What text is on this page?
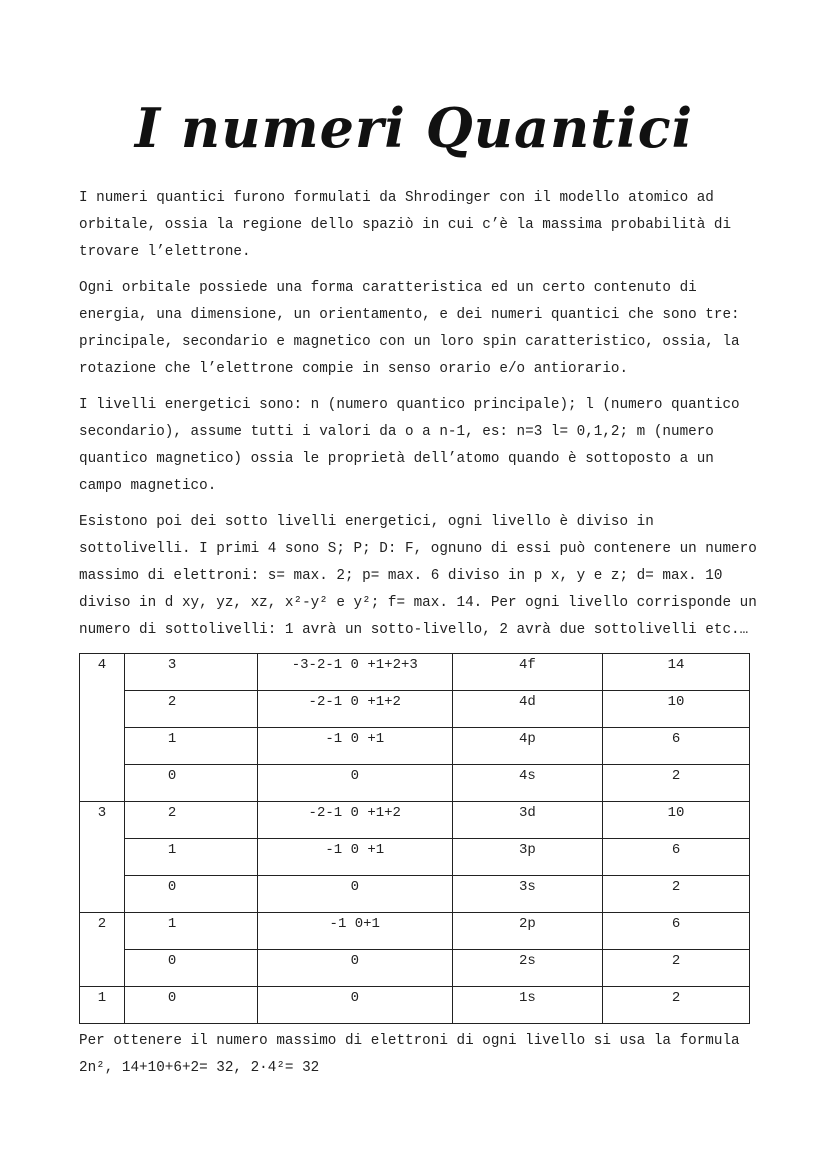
I numeri Quantici

I numeri quantici furono formulati da Shrodinger con il modello atomico ad orbitale, ossia la regione dello spaziò in cui c’è la massima probabilità di trovare l’elettrone.

Ogni orbitale possiede una forma caratteristica ed un certo contenuto di energia, una dimensione, un orientamento, e dei numeri quantici che sono tre: principale, secondario e magnetico con un loro spin caratteristico, ossia, la rotazione che l’elettrone compie in senso orario e/o antiorario.

I livelli energetici sono: n (numero quantico principale); l (numero quantico secondario), assume tutti i valori da o a n-1, es: n=3 l= 0,1,2; m (numero quantico magnetico) ossia le proprietà dell’atomo quando è sottoposto a un campo magnetico.

Esistono poi dei sotto livelli energetici, ogni livello è diviso in sottolivelli. I primi 4 sono S; P; D: F, ognuno di essi può contenere un numero massimo di elettroni: s= max. 2; p= max. 6 diviso in p x, y e z; d= max. 10 diviso in d xy, yz, xz, x²-y² e y²; f= max. 14. Per ogni livello corrisponde un numero di sottolivelli: 1 avrà un sotto-livello, 2 avrà due sottolivelli etc.…

4	3	-3-2-1 0 +1+2+3	4f	14
	2	-2-1 0 +1+2	4d	10
	1	-1 0 +1	4p	6
	0	0	4s	2
3	2	-2-1 0 +1+2	3d	10
	1	-1 0 +1	3p	6
	0	0	3s	2
2	1	-1 0+1	2p	6
	0	0	2s	2
1	0	0	1s	2

Per ottenere il numero massimo di elettroni di ogni livello si usa la formula

2n², 14+10+6+2= 32, 2·4²= 32
